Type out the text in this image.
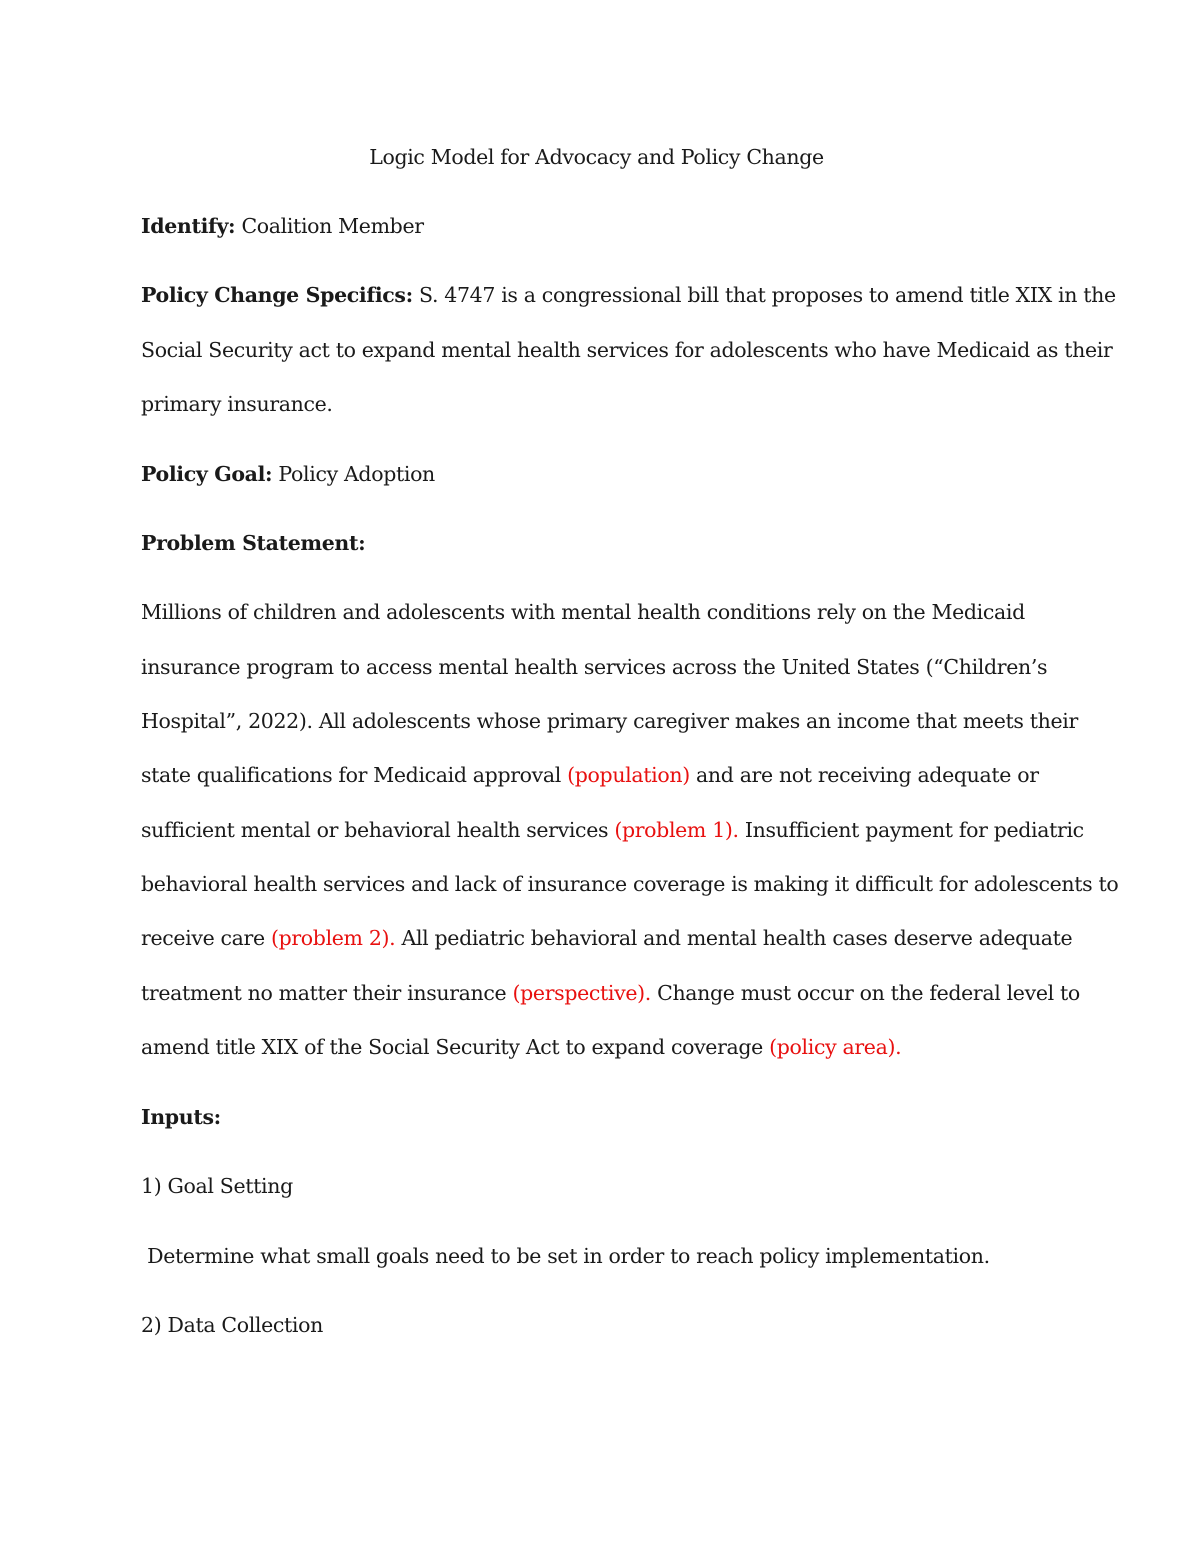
Logic Model for Advocacy and Policy Change
Identify: Coalition Member
Policy Change Specifics: S. 4747 is a congressional bill that proposes to amend title XIX in the
Social Security act to expand mental health services for adolescents who have Medicaid as their
primary insurance.
Policy Goal: Policy Adoption
Problem Statement:
Millions of children and adolescents with mental health conditions rely on the Medicaid
insurance program to access mental health services across the United States (“Children’s
Hospital”, 2022). All adolescents whose primary caregiver makes an income that meets their
state qualifications for Medicaid approval (population) and are not receiving adequate or
sufficient mental or behavioral health services (problem 1). Insufficient payment for pediatric
behavioral health services and lack of insurance coverage is making it difficult for adolescents to
receive care (problem 2). All pediatric behavioral and mental health cases deserve adequate
treatment no matter their insurance (perspective). Change must occur on the federal level to
amend title XIX of the Social Security Act to expand coverage (policy area).
Inputs:
1) Goal Setting
Determine what small goals need to be set in order to reach policy implementation.
2) Data Collection
